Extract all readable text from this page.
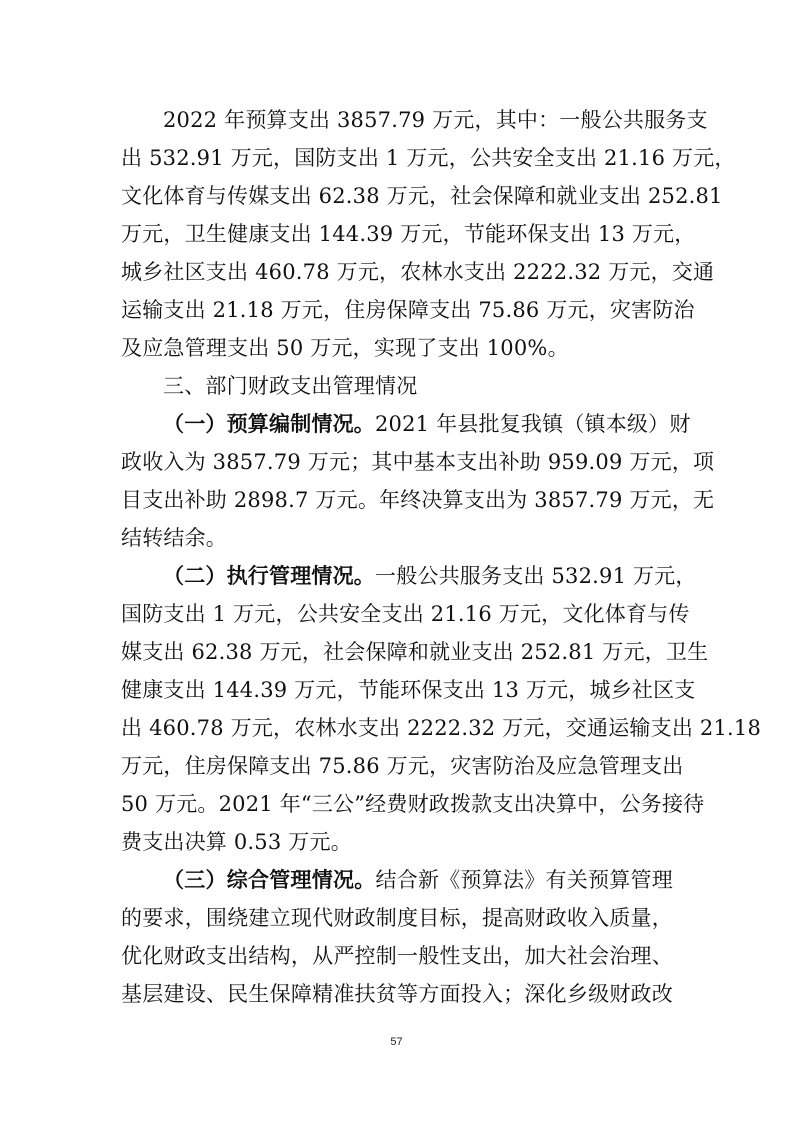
2022 年预算支出 3857.79 万元，其中：一般公共服务支
出 532.91 万元，国防支出 1 万元，公共安全支出 21.16 万元，
文化体育与传媒支出 62.38 万元，社会保障和就业支出 252.81
万元，卫生健康支出 144.39 万元，节能环保支出 13 万元，
城乡社区支出 460.78 万元，农林水支出 2222.32 万元，交通
运输支出 21.18 万元，住房保障支出 75.86 万元，灾害防治
及应急管理支出 50 万元，实现了支出 100%。
三、部门财政支出管理情况
（一）预算编制情况。2021 年县批复我镇（镇本级）财
政收入为 3857.79 万元；其中基本支出补助 959.09 万元，项
目支出补助 2898.7 万元。年终决算支出为 3857.79 万元，无
结转结余。
（二）执行管理情况。一般公共服务支出 532.91 万元，
国防支出 1 万元，公共安全支出 21.16 万元，文化体育与传
媒支出 62.38 万元，社会保障和就业支出 252.81 万元，卫生
健康支出 144.39 万元，节能环保支出 13 万元，城乡社区支
出 460.78 万元，农林水支出 2222.32 万元，交通运输支出 21.18
万元，住房保障支出 75.86 万元，灾害防治及应急管理支出
50 万元。2021 年“三公”经费财政拨款支出决算中，公务接待
费支出决算 0.53 万元。
（三）综合管理情况。结合新《预算法》有关预算管理
的要求，围绕建立现代财政制度目标，提高财政收入质量，
优化财政支出结构，从严控制一般性支出，加大社会治理、
基层建设、民生保障精准扶贫等方面投入；深化乡级财政改
57
